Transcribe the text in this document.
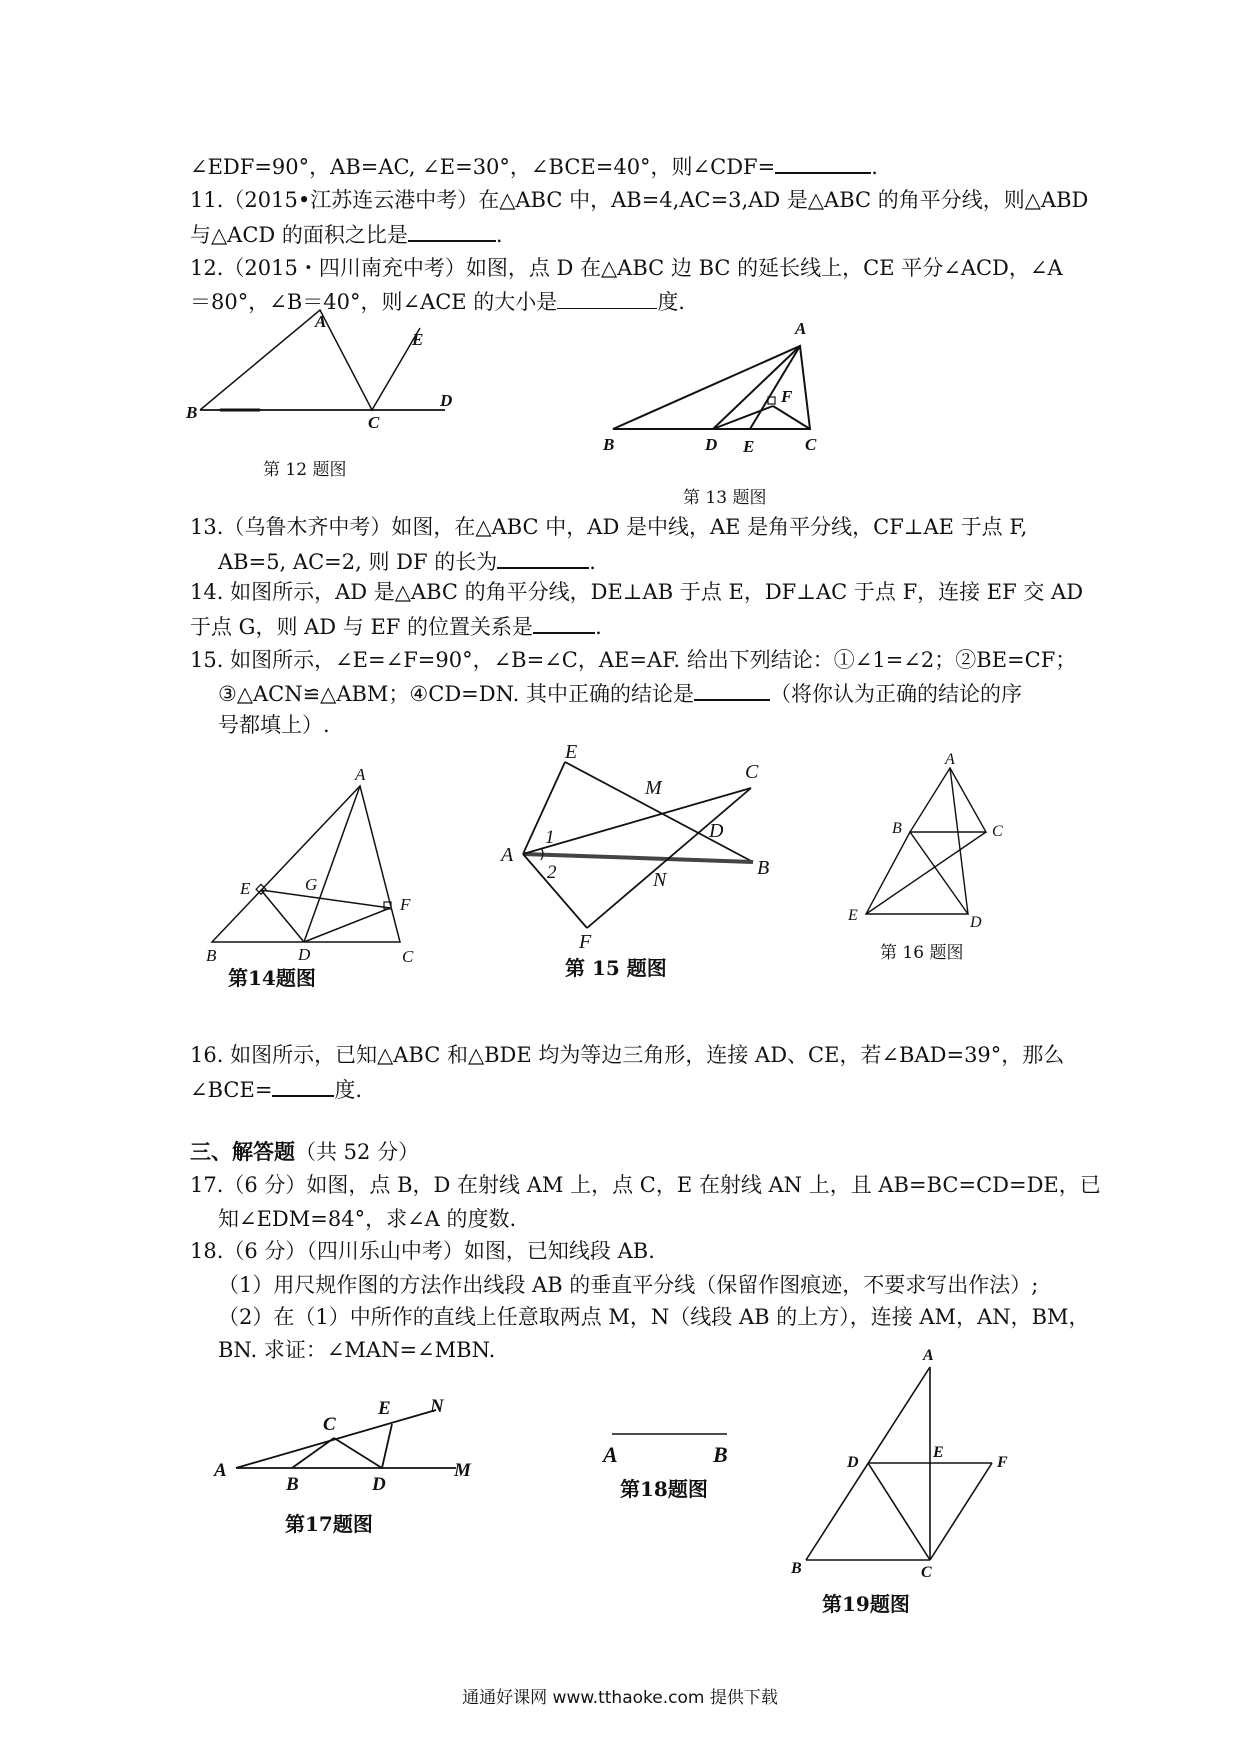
∠EDF=90°，AB=AC, ∠E=30°，∠BCE=40°，则∠CDF=	.
11.（2015•江苏连云港中考）在△ABC 中，AB=4,AC=3,AD 是△ABC 的角平分线，则△ABD
与△ACD 的面积之比是	.
12.（2015・四川南充中考）如图，点 D 在△ABC 边 BC 的延长线上，CE 平分∠ACD，∠A
＝80°，∠B＝40°，则∠ACE 的大小是	度.
A
B
C
D
E
第 12 题图
A
B	C
D E
F
第 13 题图
13.（乌鲁木齐中考）如图，在△ABC 中，AD 是中线，AE 是角平分线，CF⊥AE 于点 F,
AB=5, AC=2, 则 DF 的长为	.
14. 如图所示，AD 是△ABC 的角平分线，DE⊥AB 于点 E，DF⊥AC 于点 F，连接 EF 交 AD
于点 G，则 AD 与 EF 的位置关系是	.
15. 如图所示，∠E=∠F=90°，∠B=∠C，AE=AF. 给出下列结论：①∠1=∠2；②BE=CF；
③△ACN≌△ABM；④CD=DN. 其中正确的结论是	（将你认为正确的结论的序
号都填上）.
A
B	C
D
E
F
G
第14题图
A
B
C
D
E
F
M
N
1
2
第 15 题图
A
B	C
D
E
第 16 题图
16. 如图所示，已知△ABC 和△BDE 均为等边三角形，连接 AD、CE，若∠BAD=39°，那么
∠BCE=	度.
三、解答题（共 52 分）
17.（6 分）如图，点 B，D 在射线 AM 上，点 C，E 在射线 AN 上，且 AB=BC=CD=DE，已
知∠EDM=84°，求∠A 的度数.
18.（6 分）（四川乐山中考）如图，已知线段 AB.
（1）用尺规作图的方法作出线段 AB 的垂直平分线（保留作图痕迹，不要求写出作法）;
（2）在（1）中所作的直线上任意取两点 M，N（线段 AB 的上方），连接 AM，AN，BM，
BN. 求证：∠MAN=∠MBN.
A
B
C
D
E
M
N
第17题图
A	B
第18题图
A
B	C
D
E
F
第19题图
通通好课网 www.tthaoke.com 提供下载
